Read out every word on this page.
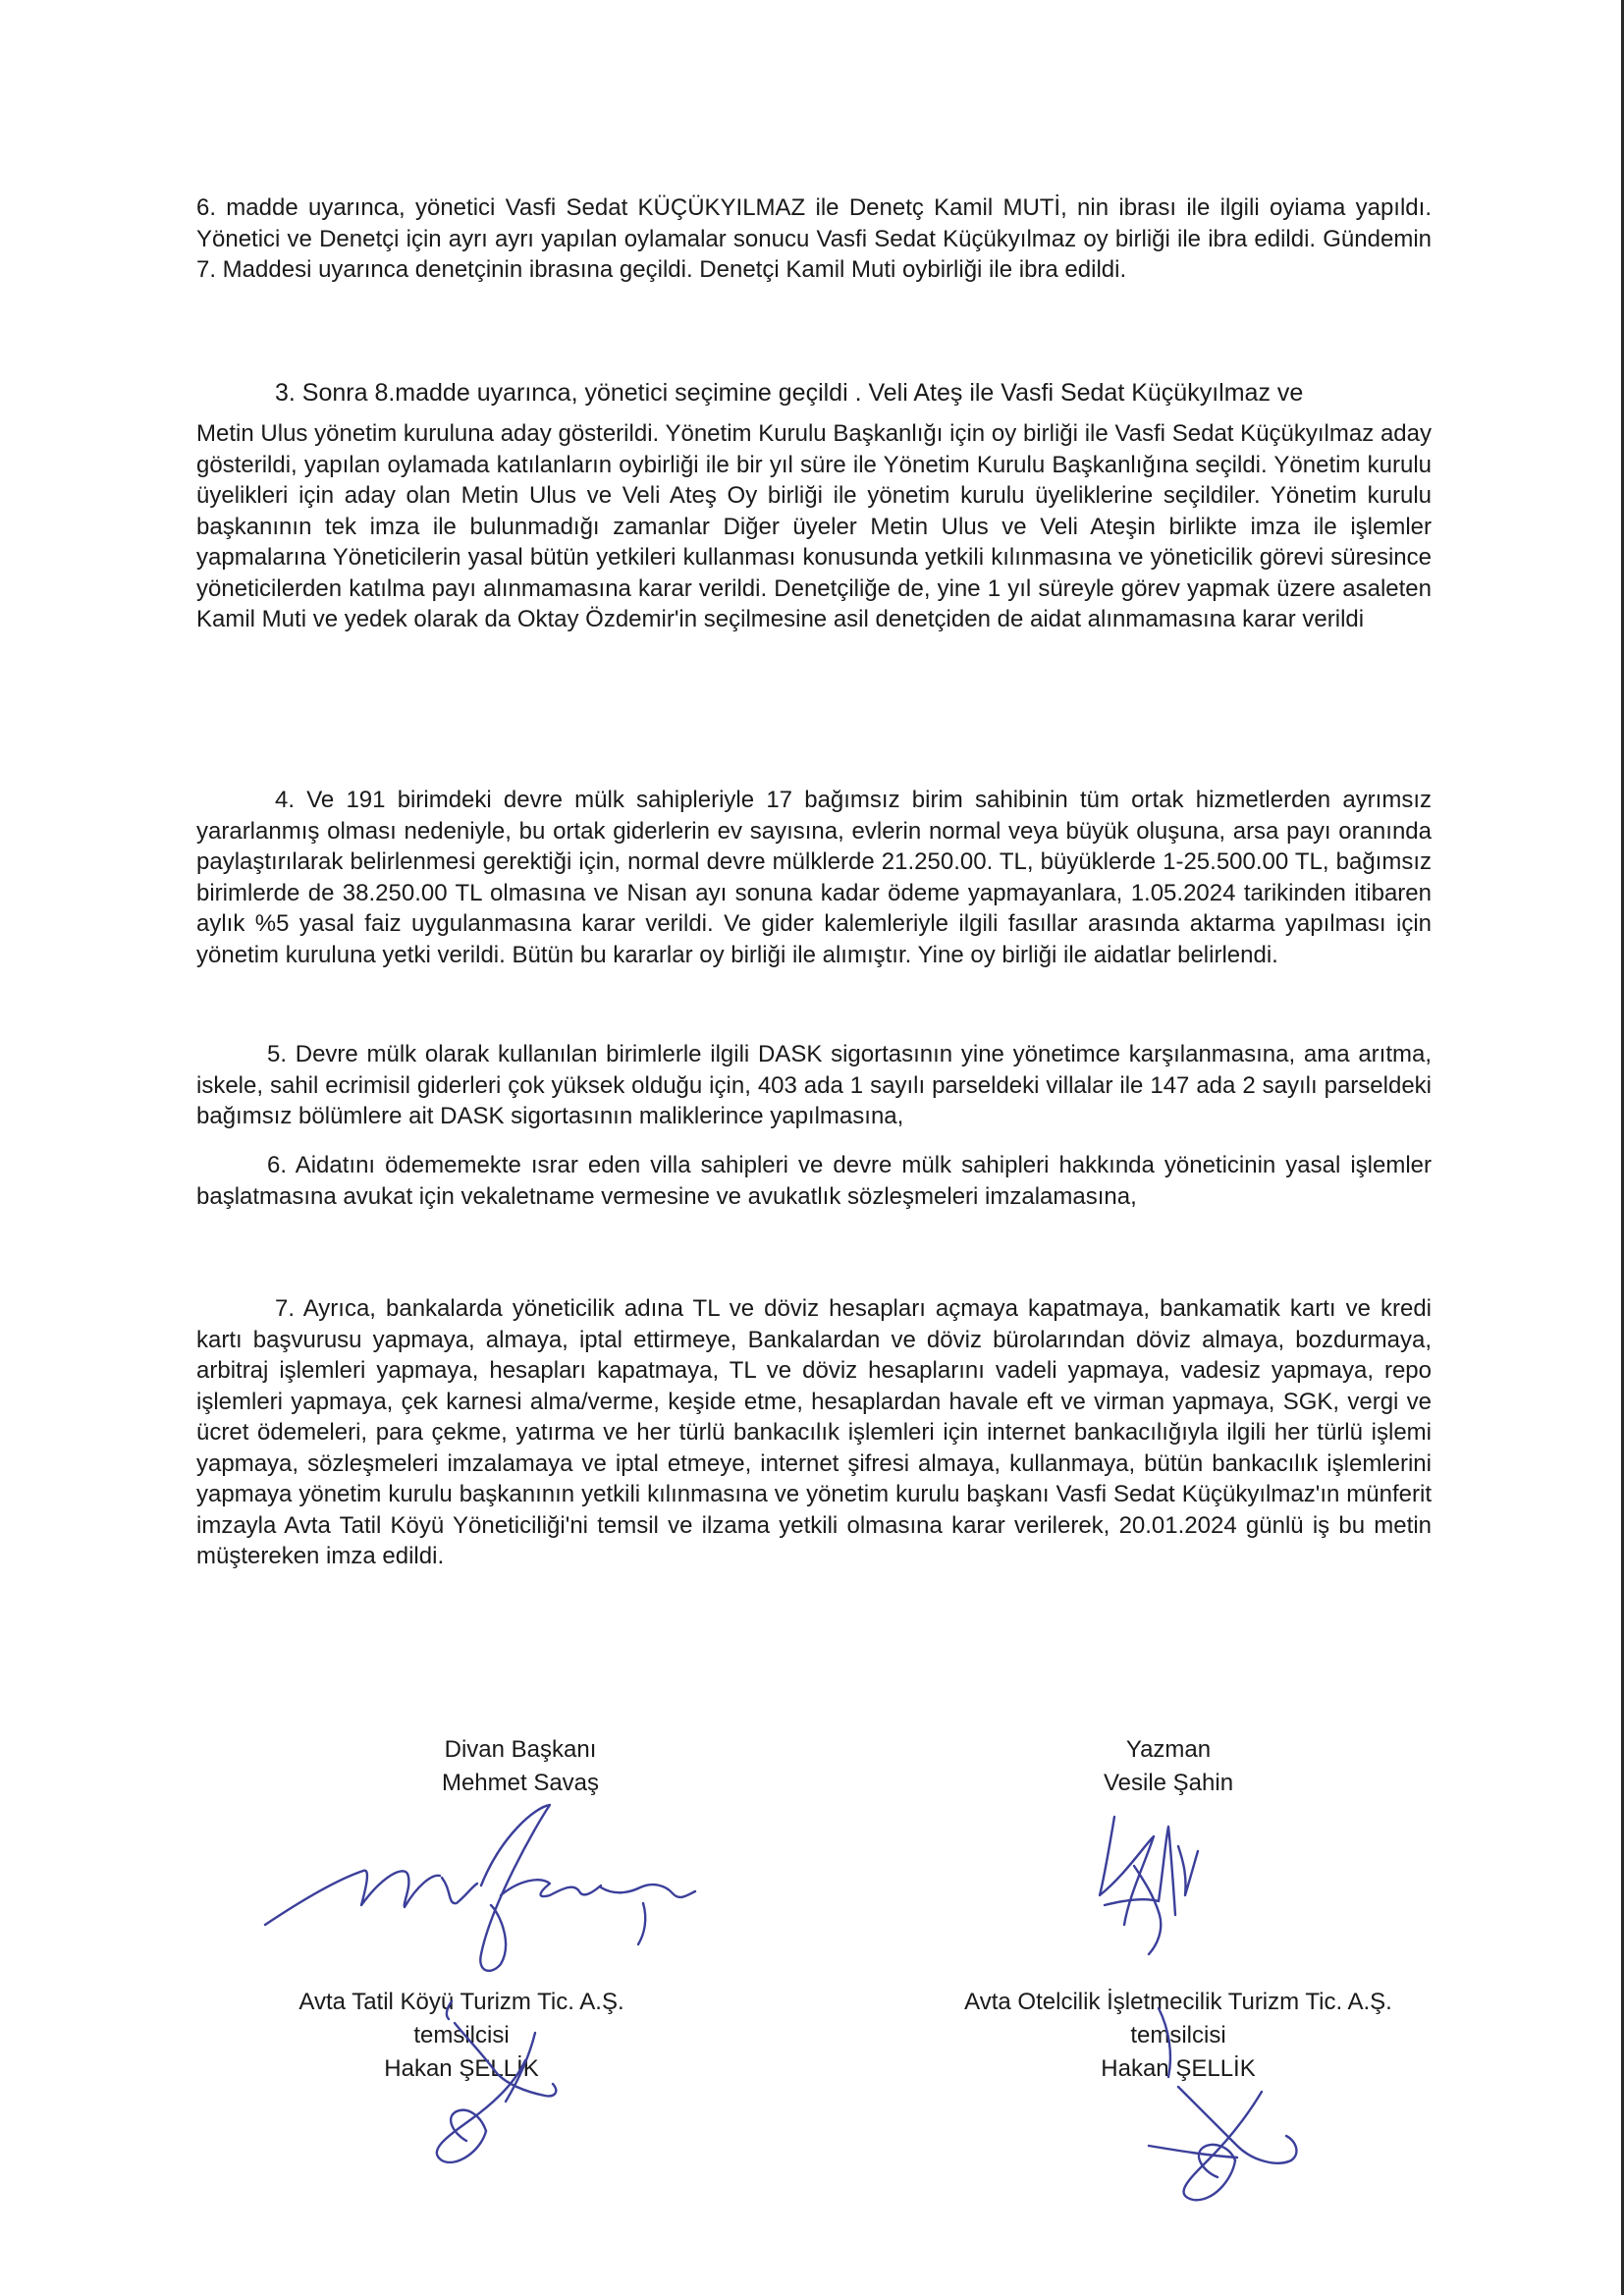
6. madde uyarınca, yönetici Vasfi Sedat KÜÇÜKYILMAZ ile Denetç Kamil MUTİ, nin ibrası ile ilgili oyiama yapıldı. Yönetici ve Denetçi için ayrı ayrı yapılan oylamalar sonucu Vasfi Sedat Küçükyılmaz oy birliği ile ibra edildi. Gündemin 7. Maddesi uyarınca denetçinin ibrasına geçildi. Denetçi Kamil Muti oybirliği ile ibra edildi.

3. Sonra 8.madde uyarınca, yönetici seçimine geçildi . Veli Ateş ile Vasfi Sedat Küçükyılmaz ve

Metin Ulus yönetim kuruluna aday gösterildi. Yönetim Kurulu Başkanlığı için oy birliği ile Vasfi Sedat Küçükyılmaz aday gösterildi, yapılan oylamada katılanların oybirliği ile bir yıl süre ile Yönetim Kurulu Başkanlığına seçildi. Yönetim kurulu üyelikleri için aday olan Metin Ulus ve Veli Ateş Oy birliği ile yönetim kurulu üyeliklerine seçildiler. Yönetim kurulu başkanının tek imza ile bulunmadığı zamanlar Diğer üyeler Metin Ulus ve Veli Ateşin birlikte imza ile işlemler yapmalarına Yöneticilerin yasal bütün yetkileri kullanması konusunda yetkili kılınmasına ve yöneticilik görevi süresince yöneticilerden katılma payı alınmamasına karar verildi. Denetçiliğe de, yine 1 yıl süreyle görev yapmak üzere asaleten Kamil Muti ve yedek olarak da Oktay Özdemir'in seçilmesine asil denetçiden de aidat alınmamasına karar verildi

4. Ve 191 birimdeki devre mülk sahipleriyle 17 bağımsız birim sahibinin tüm ortak hizmetlerden ayrımsız yararlanmış olması nedeniyle, bu ortak giderlerin ev sayısına, evlerin normal veya büyük oluşuna, arsa payı oranında paylaştırılarak belirlenmesi gerektiği için, normal devre mülklerde 21.250.00. TL, büyüklerde 1-25.500.00 TL, bağımsız birimlerde de 38.250.00 TL olmasına ve Nisan ayı sonuna kadar ödeme yapmayanlara, 1.05.2024 tarikinden itibaren aylık %5 yasal faiz uygulanmasına karar verildi. Ve gider kalemleriyle ilgili fasıllar arasında aktarma yapılması için yönetim kuruluna yetki verildi. Bütün bu kararlar oy birliği ile alımıştır. Yine oy birliği ile aidatlar belirlendi.

5. Devre mülk olarak kullanılan birimlerle ilgili DASK sigortasının yine yönetimce karşılanmasına, ama arıtma, iskele, sahil ecrimisil giderleri çok yüksek olduğu için, 403 ada 1 sayılı parseldeki villalar ile 147 ada 2 sayılı parseldeki bağımsız bölümlere ait DASK sigortasının maliklerince yapılmasına,

6. Aidatını ödememekte ısrar eden villa sahipleri ve devre mülk sahipleri hakkında yöneticinin yasal işlemler başlatmasına avukat için vekaletname vermesine ve avukatlık sözleşmeleri imzalamasına,

7. Ayrıca, bankalarda yöneticilik adına TL ve döviz hesapları açmaya kapatmaya, bankamatik kartı ve kredi kartı başvurusu yapmaya, almaya, iptal ettirmeye, Bankalardan ve döviz bürolarından döviz almaya, bozdurmaya, arbitraj işlemleri yapmaya, hesapları kapatmaya, TL ve döviz hesaplarını vadeli yapmaya, vadesiz yapmaya, repo işlemleri yapmaya, çek karnesi alma/verme, keşide etme, hesaplardan havale eft ve virman yapmaya, SGK, vergi ve ücret ödemeleri, para çekme, yatırma ve her türlü bankacılık işlemleri için internet bankacılığıyla ilgili her türlü işlemi yapmaya, sözleşmeleri imzalamaya ve iptal etmeye, internet şifresi almaya, kullanmaya, bütün bankacılık işlemlerini yapmaya yönetim kurulu başkanının yetkili kılınmasına ve yönetim kurulu başkanı Vasfi Sedat Küçükyılmaz'ın münferit imzayla Avta Tatil Köyü Yöneticiliği'ni temsil ve ilzama yetkili olmasına karar verilerek, 20.01.2024 günlü iş bu metin müştereken imza edildi.

Divan Başkanı
Mehmet Savaş
Yazman
Vesile Şahin
Avta Tatil Köyü Turizm Tic. A.Ş.
temsilcisi
Hakan ŞELLİK
Avta Otelcilik İşletmecilik Turizm Tic. A.Ş.
temsilcisi
Hakan ŞELLİK
